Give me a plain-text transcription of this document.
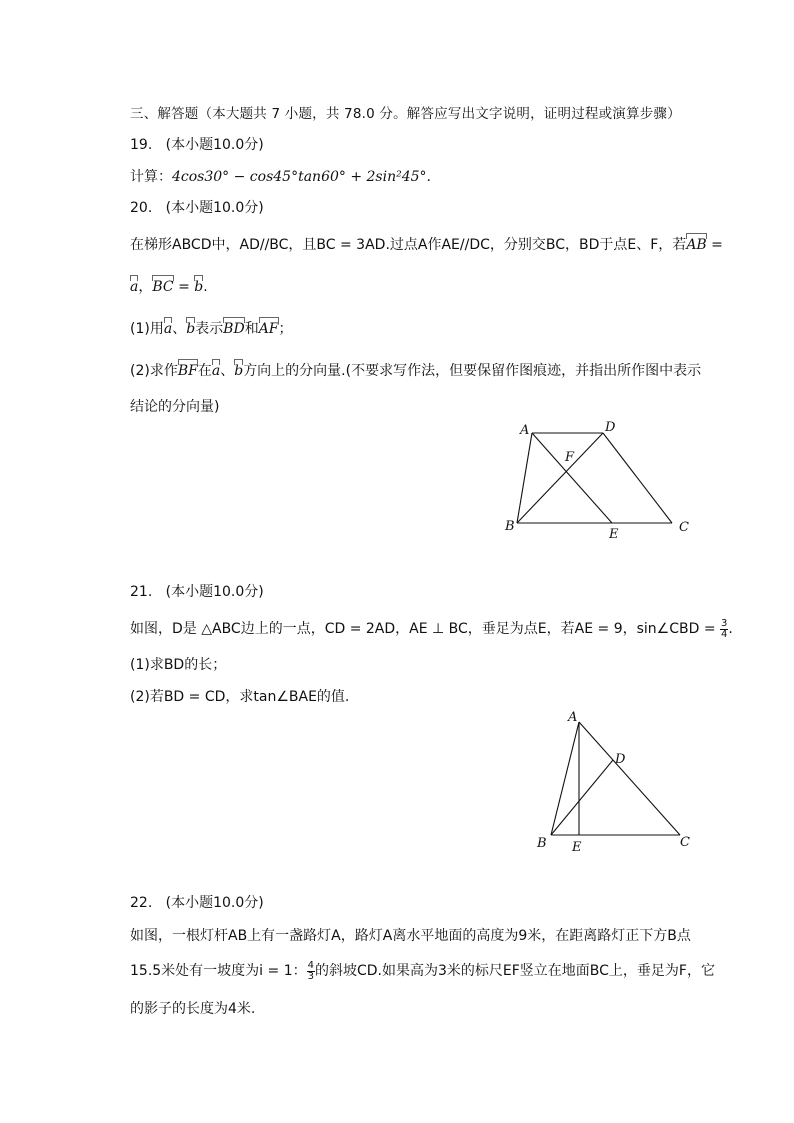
三、解答题（本大题共 7 小题，共 78.0 分。解答应写出文字说明，证明过程或演算步骤）
19. (本小题10.0分)
计算：4cos30° − cos45°tan60° + 2sin²45°.
20. (本小题10.0分)
在梯形ABCD中，AD//BC，且BC = 3AD.过点A作AE//DC，分别交BC，BD于点E、F，若AB =
a，BC = b.
(1)用a、b表示BD和AF；
(2)求作BF在a、b方向上的分向量.(不要求写作法，但要保留作图痕迹，并指出所作图中表示
结论的分向量)
A	D
F
B
E	C
A
D
B E	C
21. (本小题10.0分)
如图，D是 △ABC边上的一点，CD = 2AD，AE ⊥ BC，垂足为点E，若AE = 9，sin∠CBD = $\frac{3}{4}$ .
(1)求BD的长；
(2)若BD = CD，求tan∠BAE的值.
22. (本小题10.0分)
如图，一根灯杆AB上有一盏路灯A，路灯A离水平地面的高度为9米，在距离路灯正下方B点
15.5米处有一坡度为i = 1： $\frac{4}{3}$ 的斜坡CD.如果高为3米的标尺EF竖立在地面BC上，垂足为F，它
的影子的长度为4米.
